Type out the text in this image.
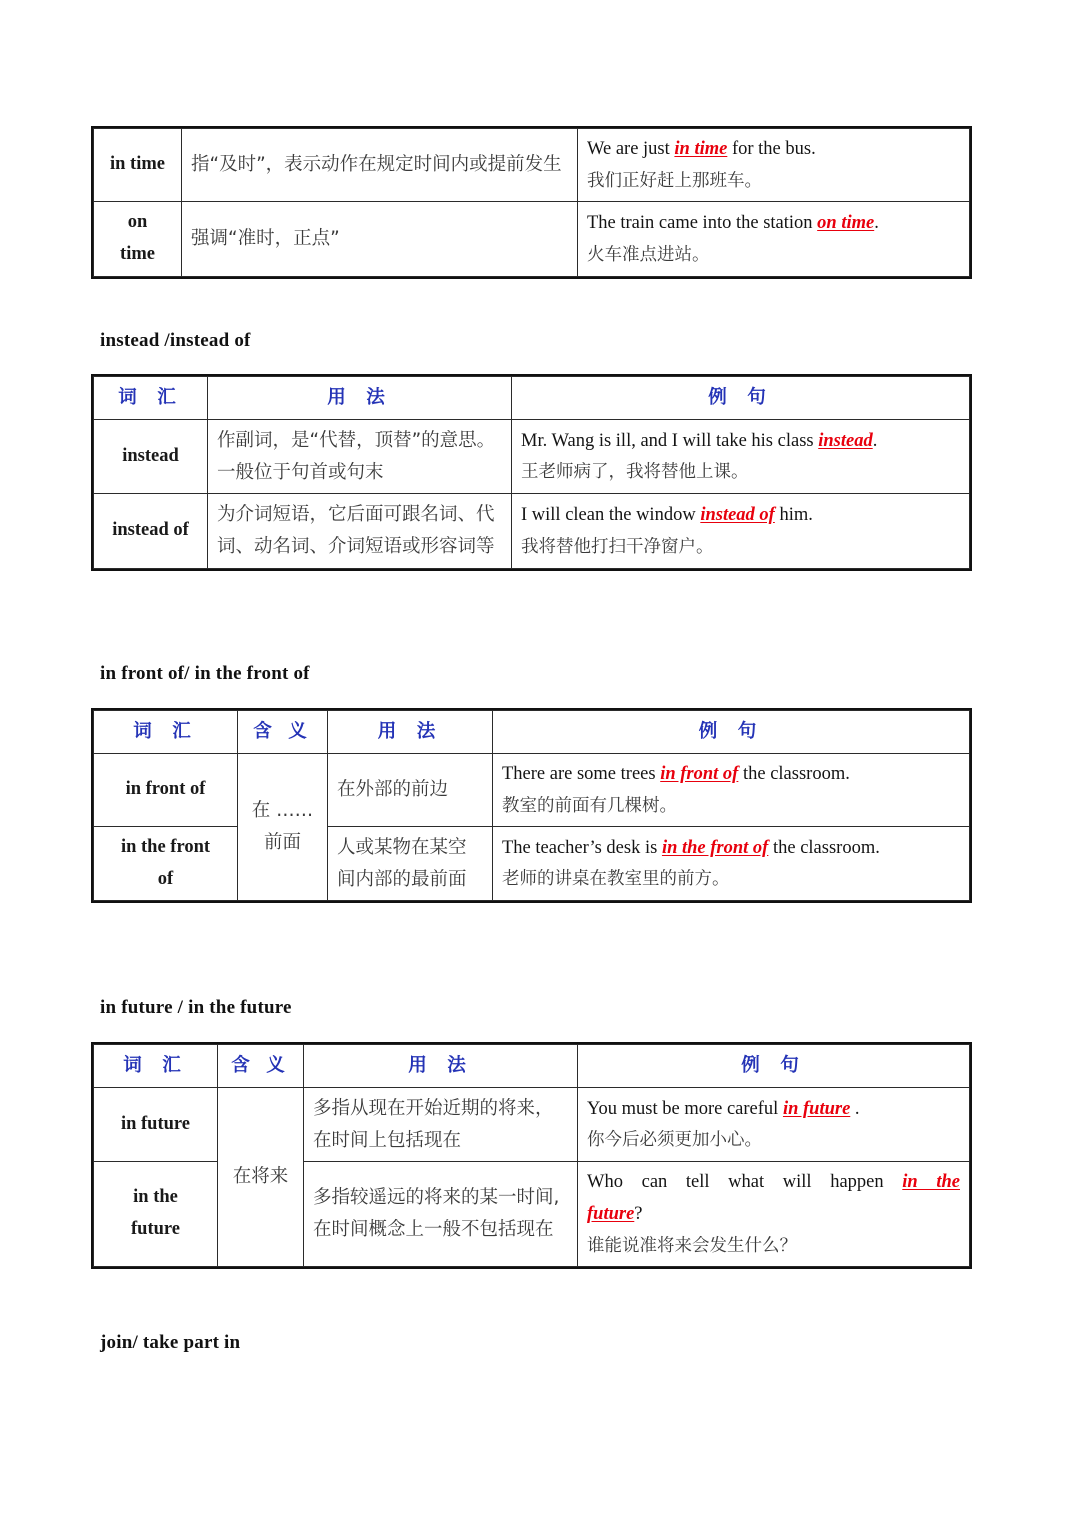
in time	指“及时”，表示动作在规定时间内或提前发生	We are just in time for the bus.
我们正好赶上那班车。

on
time	强调“准时，正点”	The train came into the station on time.
火车准点进站。
instead /instead of
词 汇	用 法	例 句
instead	作副词，是“代替，顶替”的意思。一般位于句首或句末	Mr. Wang is ill, and I will take his class instead.
王老师病了，我将替他上课。

instead of	为介词短语，它后面可跟名词、代词、动名词、介词短语或形容词等	I will clean the window instead of him.
我将替他打扫干净窗户。
in front of/ in the front of
词 汇	含 义	用 法	例 句
in front of	在 ……
前面	在外部的前边	There are some trees in front of the classroom.
教室的前面有几棵树。

in the front
of		人或某物在某空间内部的最前面	The teacher’s desk is in the front of the classroom.
老师的讲桌在教室里的前方。
in future / in the future
词 汇	含 义	用 法	例 句
in future	在将来	多指从现在开始近期的将来，在时间上包括现在	You must be more careful in future .
你今后必须更加小心。

in the
future		多指较遥远的将来的某一时间, 在时间概念上一般不包括现在	Who can tell what will happen in the
future?
谁能说准将来会发生什么？
join/ take part in
